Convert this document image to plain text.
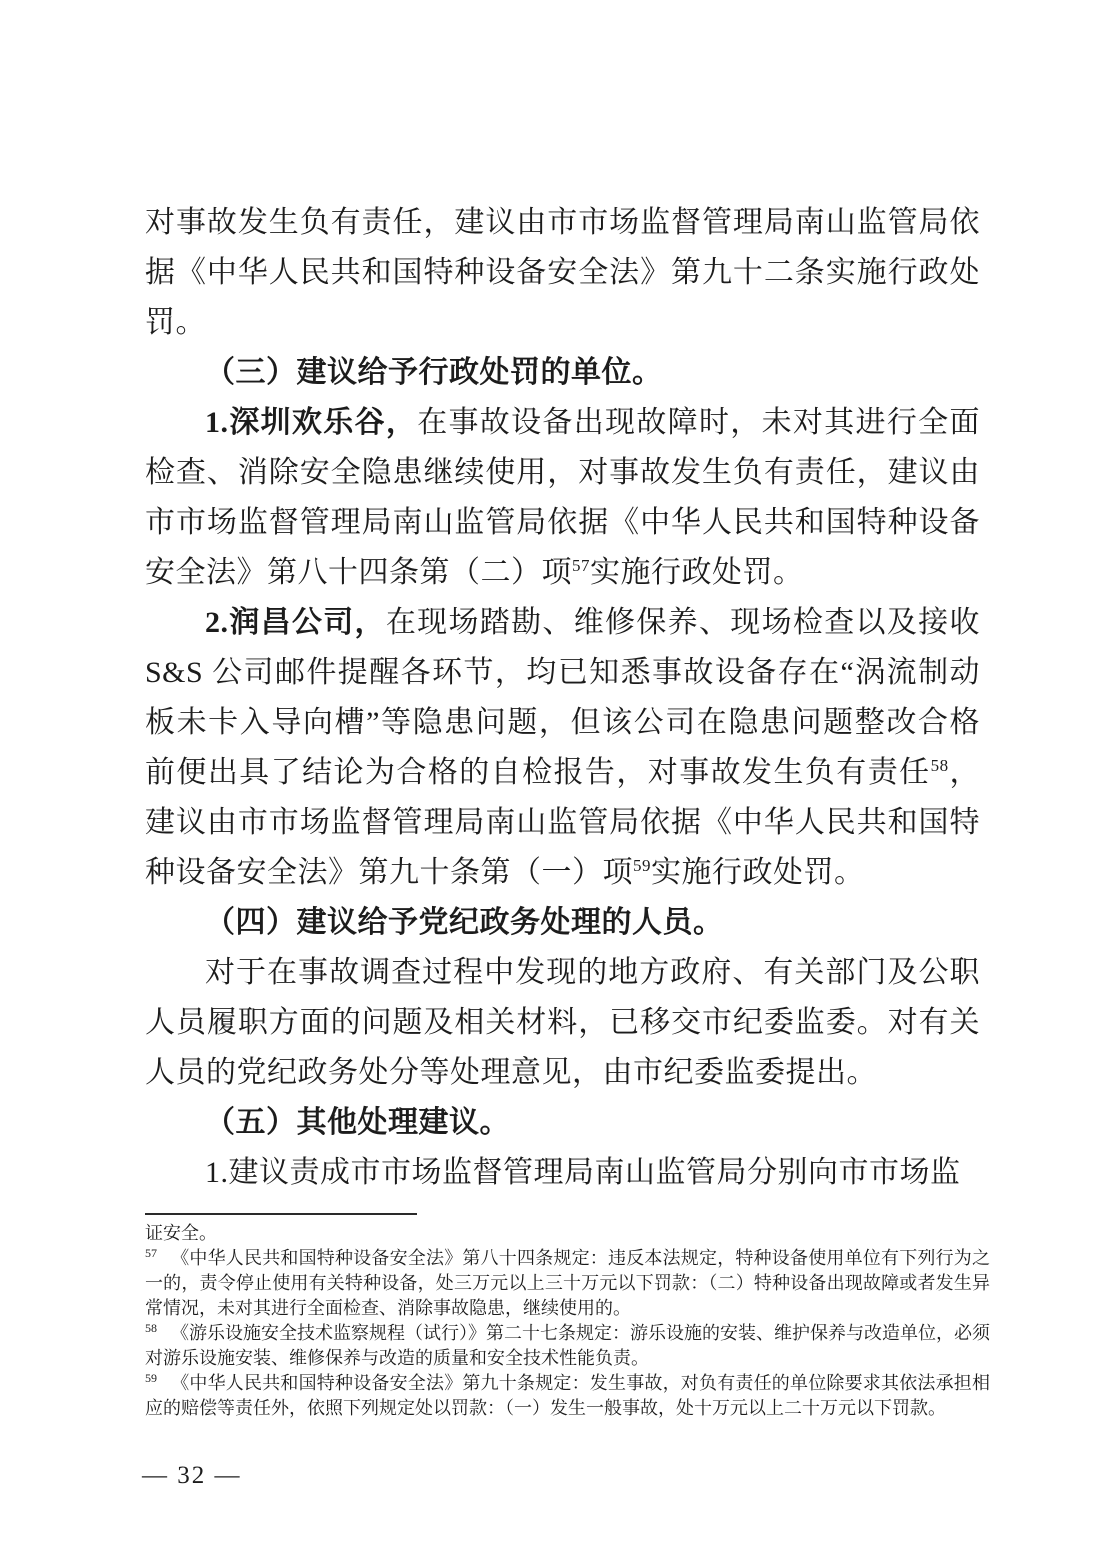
对事故发生负有责任，建议由市市场监督管理局南山监管局依据《中华人民共和国特种设备安全法》第九十二条实施行政处罚。

（三）建议给予行政处罚的单位。

1.深圳欢乐谷，在事故设备出现故障时，未对其进行全面检查、消除安全隐患继续使用，对事故发生负有责任，建议由市市场监督管理局南山监管局依据《中华人民共和国特种设备安全法》第八十四条第（二）项$^{57}$实施行政处罚。

2.润昌公司，在现场踏勘、维修保养、现场检查以及接收 S&S 公司邮件提醒各环节，均已知悉事故设备存在“涡流制动板未卡入导向槽”等隐患问题，但该公司在隐患问题整改合格前便出具了结论为合格的自检报告，对事故发生负有责任$^{58}$，建议由市市场监督管理局南山监管局依据《中华人民共和国特种设备安全法》第九十条第（一）项$^{59}$实施行政处罚。

（四）建议给予党纪政务处理的人员。

对于在事故调查过程中发现的地方政府、有关部门及公职人员履职方面的问题及相关材料，已移交市纪委监委。对有关人员的党纪政务处分等处理意见，由市纪委监委提出。

（五）其他处理建议。

1.建议责成市市场监督管理局南山监管局分别向市市场监

证安全。

$^{57}$ 《中华人民共和国特种设备安全法》第八十四条规定：违反本法规定，特种设备使用单位有下列行为之一的，责令停止使用有关特种设备，处三万元以上三十万元以下罚款：（二）特种设备出现故障或者发生异常情况，未对其进行全面检查、消除事故隐患，继续使用的。

$^{58}$ 《游乐设施安全技术监察规程（试行）》第二十七条规定：游乐设施的安装、维护保养与改造单位，必须对游乐设施安装、维修保养与改造的质量和安全技术性能负责。

$^{59}$ 《中华人民共和国特种设备安全法》第九十条规定：发生事故，对负有责任的单位除要求其依法承担相应的赔偿等责任外，依照下列规定处以罚款：（一）发生一般事故，处十万元以上二十万元以下罚款。

— 32 —
